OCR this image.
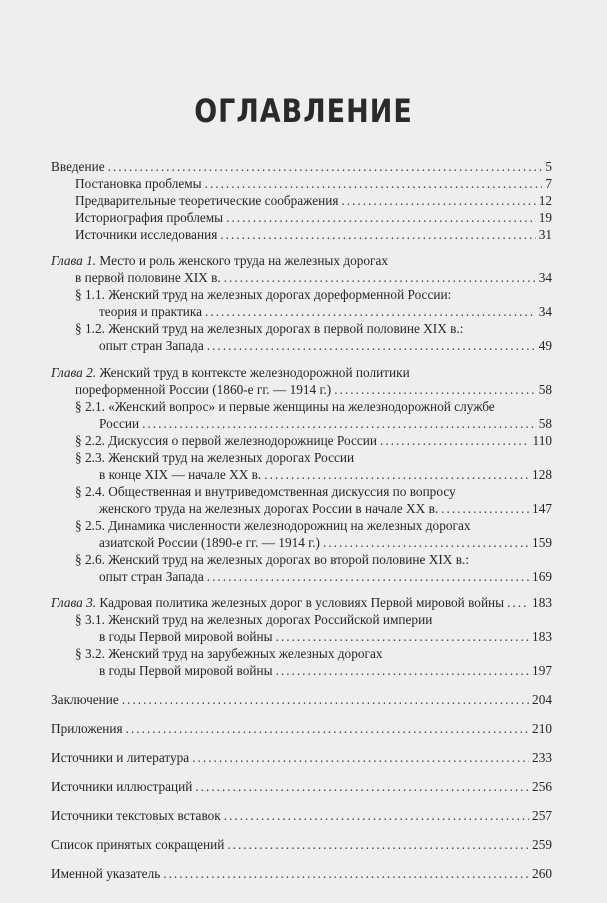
ОГЛАВЛЕНИЕ
Введение .....	5
Постановка проблемы .....	7
Предварительные теоретические соображения .....	12
Историография проблемы .....	19
Источники исследования .....	31
Глава 1. Место и роль женского труда на железных дорогах
в первой половине XIX в. .....	34
§ 1.1. Женский труд на железных дорогах дореформенной России:
теория и практика .....	34
§ 1.2. Женский труд на железных дорогах в первой половине XIX в.:
опыт стран Запада .....	49
Глава 2. Женский труд в контексте железнодорожной политики
пореформенной России (1860-е гг. — 1914 г.) .....	58
§ 2.1. «Женский вопрос» и первые женщины на железнодорожной службе
России .....	58
§ 2.2. Дискуссия о первой железнодорожнице России .....	110
§ 2.3. Женский труд на железных дорогах России
в конце XIX — начале XX в. .....	128
§ 2.4. Общественная и внутриведомственная дискуссия по вопросу
женского труда на железных дорогах России в начале XX в. .....	147
§ 2.5. Динамика численности железнодорожниц на железных дорогах
азиатской России (1890-е гг. — 1914 г.) .....	159
§ 2.6. Женский труд на железных дорогах во второй половине XIX в.:
опыт стран Запада .....	169
Глава 3. Кадровая политика железных дорог в условиях Первой мировой войны ..... 183
§ 3.1. Женский труд на железных дорогах Российской империи
в годы Первой мировой войны .....	183
§ 3.2. Женский труд на зарубежных железных дорогах
в годы Первой мировой войны .....	197
Заключение .....	204
Приложения .....	210
Источники и литература .....	233
Источники иллюстраций .....	256
Источники текстовых вставок .....	257
Список принятых сокращений .....	259
Именной указатель .....	260
